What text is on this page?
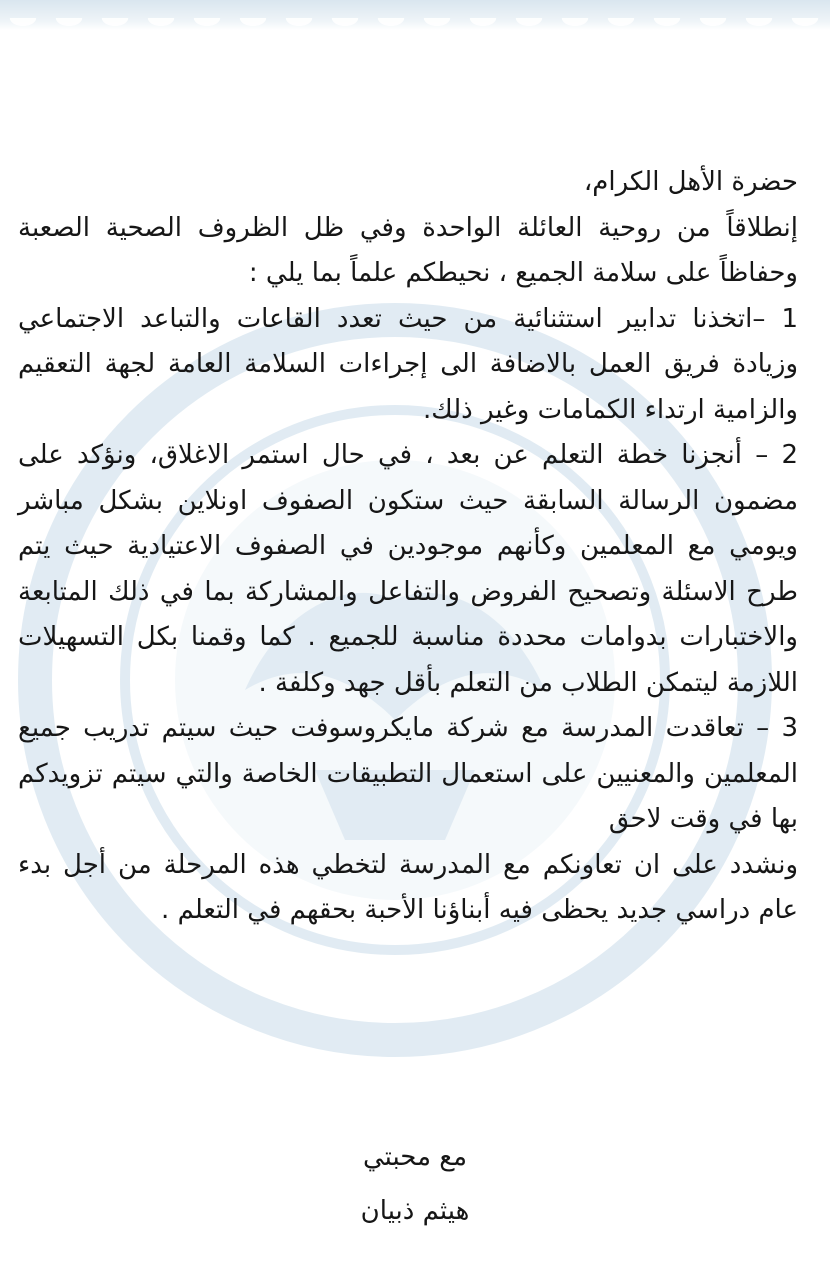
حضرة الأهل الكرام،

إنطلاقاً من روحية العائلة الواحدة وفي ظل الظروف الصحية الصعبة وحفاظاً على سلامة الجميع ، نحيطكم علماً بما يلي :

1 –اتخذنا تدابير استثنائية من حيث تعدد القاعات والتباعد الاجتماعي وزيادة فريق العمل بالاضافة الى إجراءات السلامة العامة لجهة التعقيم والزامية ارتداء الكمامات وغير ذلك.

2 – أنجزنا خطة التعلم عن بعد ، في حال استمر الاغلاق، ونؤكد على مضمون الرسالة السابقة حيث ستكون الصفوف اونلاين بشكل مباشر ويومي مع المعلمين وكأنهم موجودين في الصفوف الاعتيادية حيث يتم طرح الاسئلة وتصحيح الفروض والتفاعل والمشاركة بما في ذلك المتابعة والاختبارات بدوامات محددة مناسبة للجميع . كما وقمنا بكل التسهيلات اللازمة ليتمكن الطلاب من التعلم بأقل جهد وكلفة .

3 – تعاقدت المدرسة مع شركة مايكروسوفت حيث سيتم تدريب جميع المعلمين والمعنيين على استعمال التطبيقات الخاصة والتي سيتم تزويدكم بها في وقت لاحق

ونشدد على ان تعاونكم مع المدرسة لتخطي هذه المرحلة من أجل بدء عام دراسي جديد يحظى فيه أبناؤنا الأحبة بحقهم في التعلم .

مع محبتي
هيثم ذبيان
